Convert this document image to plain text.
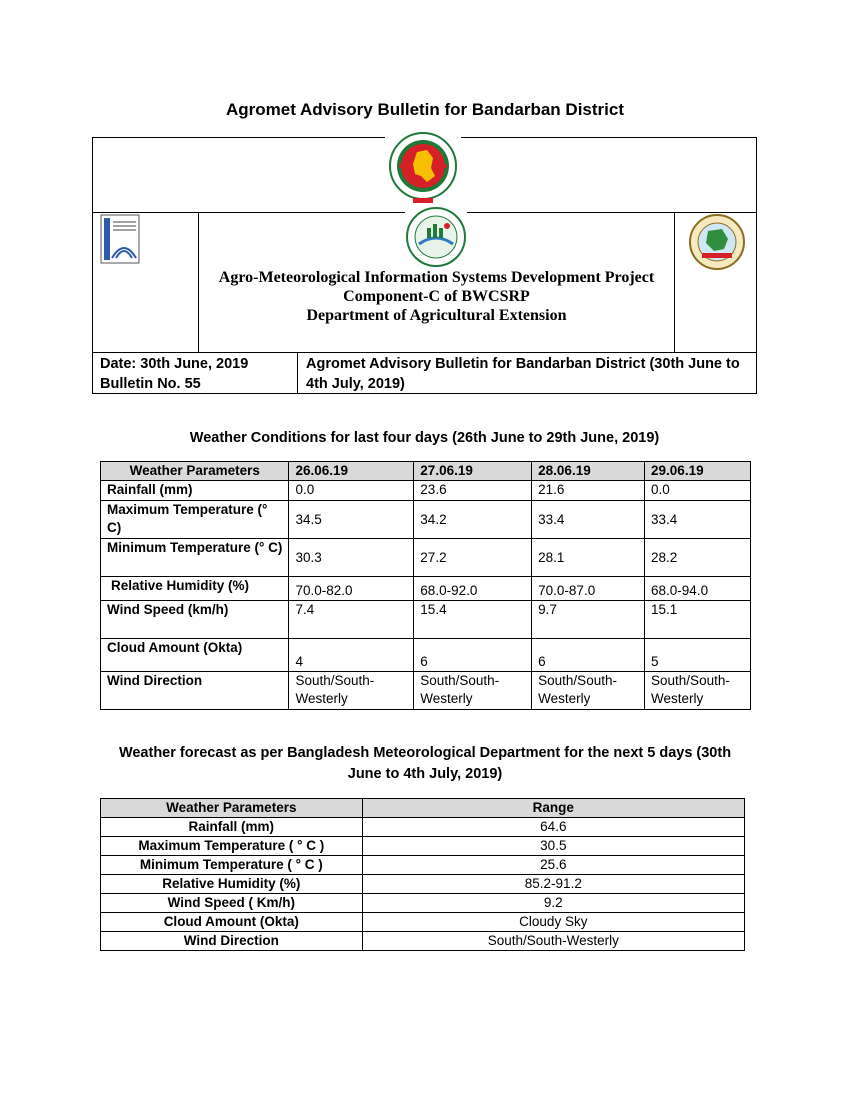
Agromet Advisory Bulletin for Bandarban District
Agro-Meteorological Information Systems Development Project
Component-C of BWCSRP
Department of Agricultural Extension
Date: 30th June, 2019
Bulletin No. 55
Agromet Advisory Bulletin for Bandarban District (30th June to 4th July, 2019)
Weather Conditions for last four days (26th June to 29th June, 2019)
Weather Parameters	26.06.19	27.06.19	28.06.19	29.06.19
Rainfall (mm)	0.0	23.6	21.6	0.0
Maximum Temperature (° C)	34.5	34.2	33.4	33.4
Minimum Temperature (° C)	30.3	27.2	28.1	28.2
Relative Humidity (%)	70.0-82.0	68.0-92.0	70.0-87.0	68.0-94.0
Wind Speed (km/h)	7.4	15.4	9.7	15.1
Cloud Amount (Okta)	4	6	6	5
Wind Direction	South/South-Westerly	South/South-Westerly	South/South-Westerly	South/South-Westerly
Weather forecast as per Bangladesh Meteorological Department for the next 5 days (30th June to 4th July, 2019)
Weather Parameters	Range
Rainfall (mm)	64.6
Maximum Temperature ( ° C )	30.5
Minimum Temperature ( ° C )	25.6
Relative Humidity (%)	85.2-91.2
Wind Speed ( Km/h)	9.2
Cloud Amount (Okta)	Cloudy Sky
Wind Direction	South/South-Westerly
